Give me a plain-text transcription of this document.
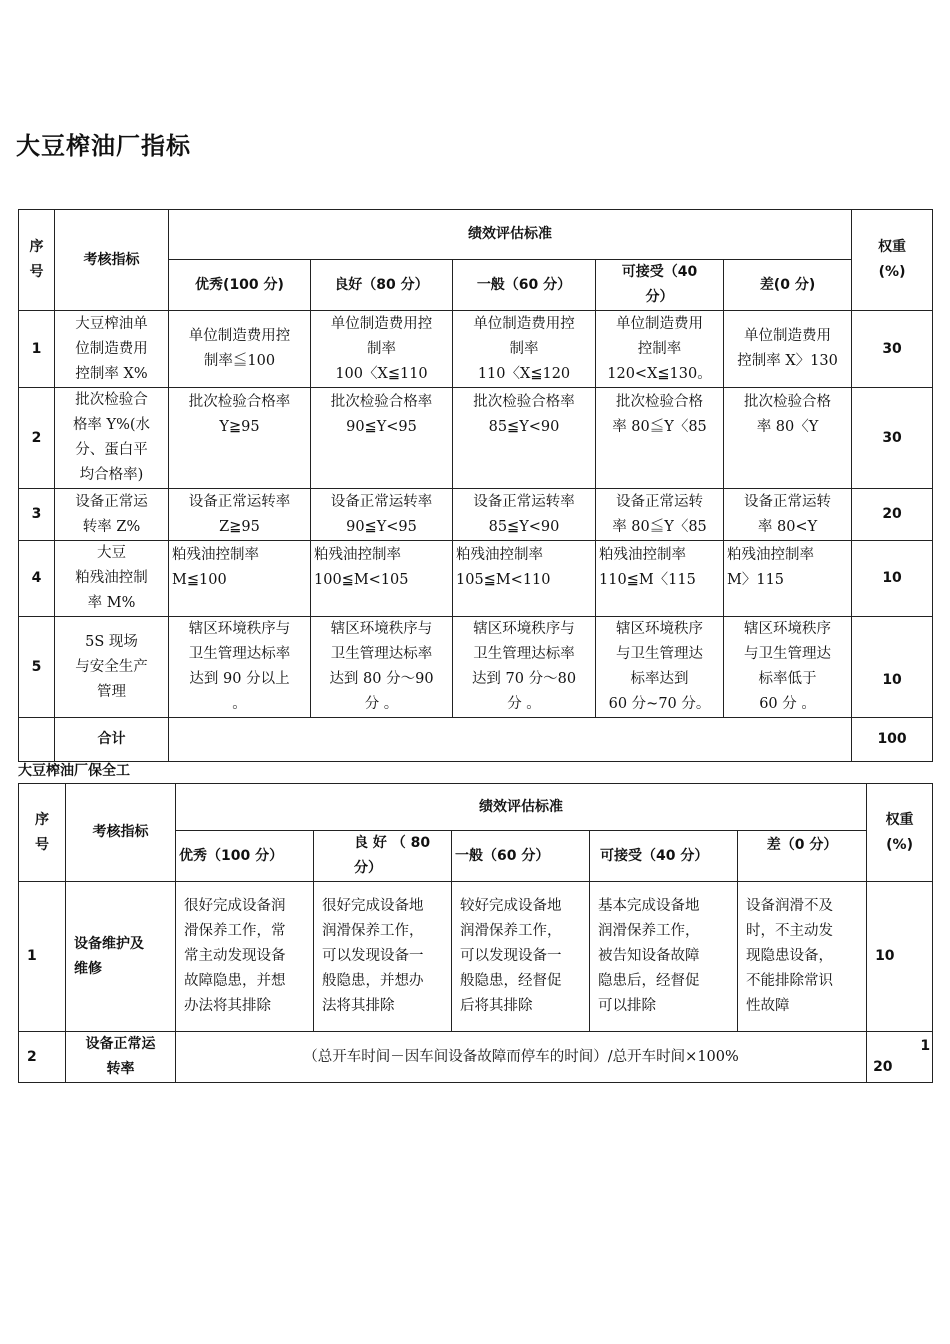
大豆榨油厂指标
序
号	考核指标	绩效评估标准					权重
(%)
		优秀(100 分)	良好（80 分）	一般（60 分）	可接受（40
分）	差(0 分)	
1	大豆榨油单
位制造费用
控制率 X%	单位制造费用控
制率≦100	单位制造费用控
制率
100〈X≦110	单位制造费用控
制率
110〈X≦120	单位制造费用
控制率
120<X≦130。	单位制造费用
控制率 X〉130	30
2	批次检验合
格率 Y%(水
分、蛋白平
均合格率)	批次检验合格率
Y≧95	批次检验合格率
90≦Y<95	批次检验合格率
85≦Y<90	批次检验合格
率 80≦Y〈85	批次检验合格
率 80〈Y	30
3	设备正常运
转率 Z%	设备正常运转率
Z≧95	设备正常运转率
90≦Y<95	设备正常运转率
85≦Y<90	设备正常运转
率 80≦Y〈85	设备正常运转
率 80<Y	20
4	大豆
粕残油控制
率 M%	粕残油控制率
M≦100	粕残油控制率
100≦M<105	粕残油控制率
105≦M<110	粕残油控制率
110≦M〈115	粕残油控制率
M〉115	10
5	5S 现场
与安全生产
管理	辖区环境秩序与
卫生管理达标率
达到 90 分以上
。	辖区环境秩序与
卫生管理达标率
达到 80 分～90
分 。	辖区环境秩序与
卫生管理达标率
达到 70 分～80
分 。	辖区环境秩序
与卫生管理达
标率达到
60 分~70 分。	辖区环境秩序
与卫生管理达
标率低于
60 分 。	10
	合计						100
大豆榨油厂保全工
序
号	考核指标	绩效评估标准					权重
(%)
		优秀（100 分）	良 好 （ 80
分）	一般（60 分）	可接受（40 分）	差（0 分）	
1	设备维护及
维修	很好完成设备润
滑保养工作，常
常主动发现设备
故障隐患，并想
办法将其排除	很好完成设备地
润滑保养工作，
可以发现设备一
般隐患，并想办
法将其排除	较好完成设备地
润滑保养工作，
可以发现设备一
般隐患，经督促
后将其排除	基本完成设备地
润滑保养工作，
被告知设备故障
隐患后，经督促
可以排除	设备润滑不及
时，不主动发
现隐患设备，
不能排除常识
性故障	10
2	设备正常运
转率	（总开车时间－因车间设备故障而停车的时间）/总开车时间×100%					1
20
